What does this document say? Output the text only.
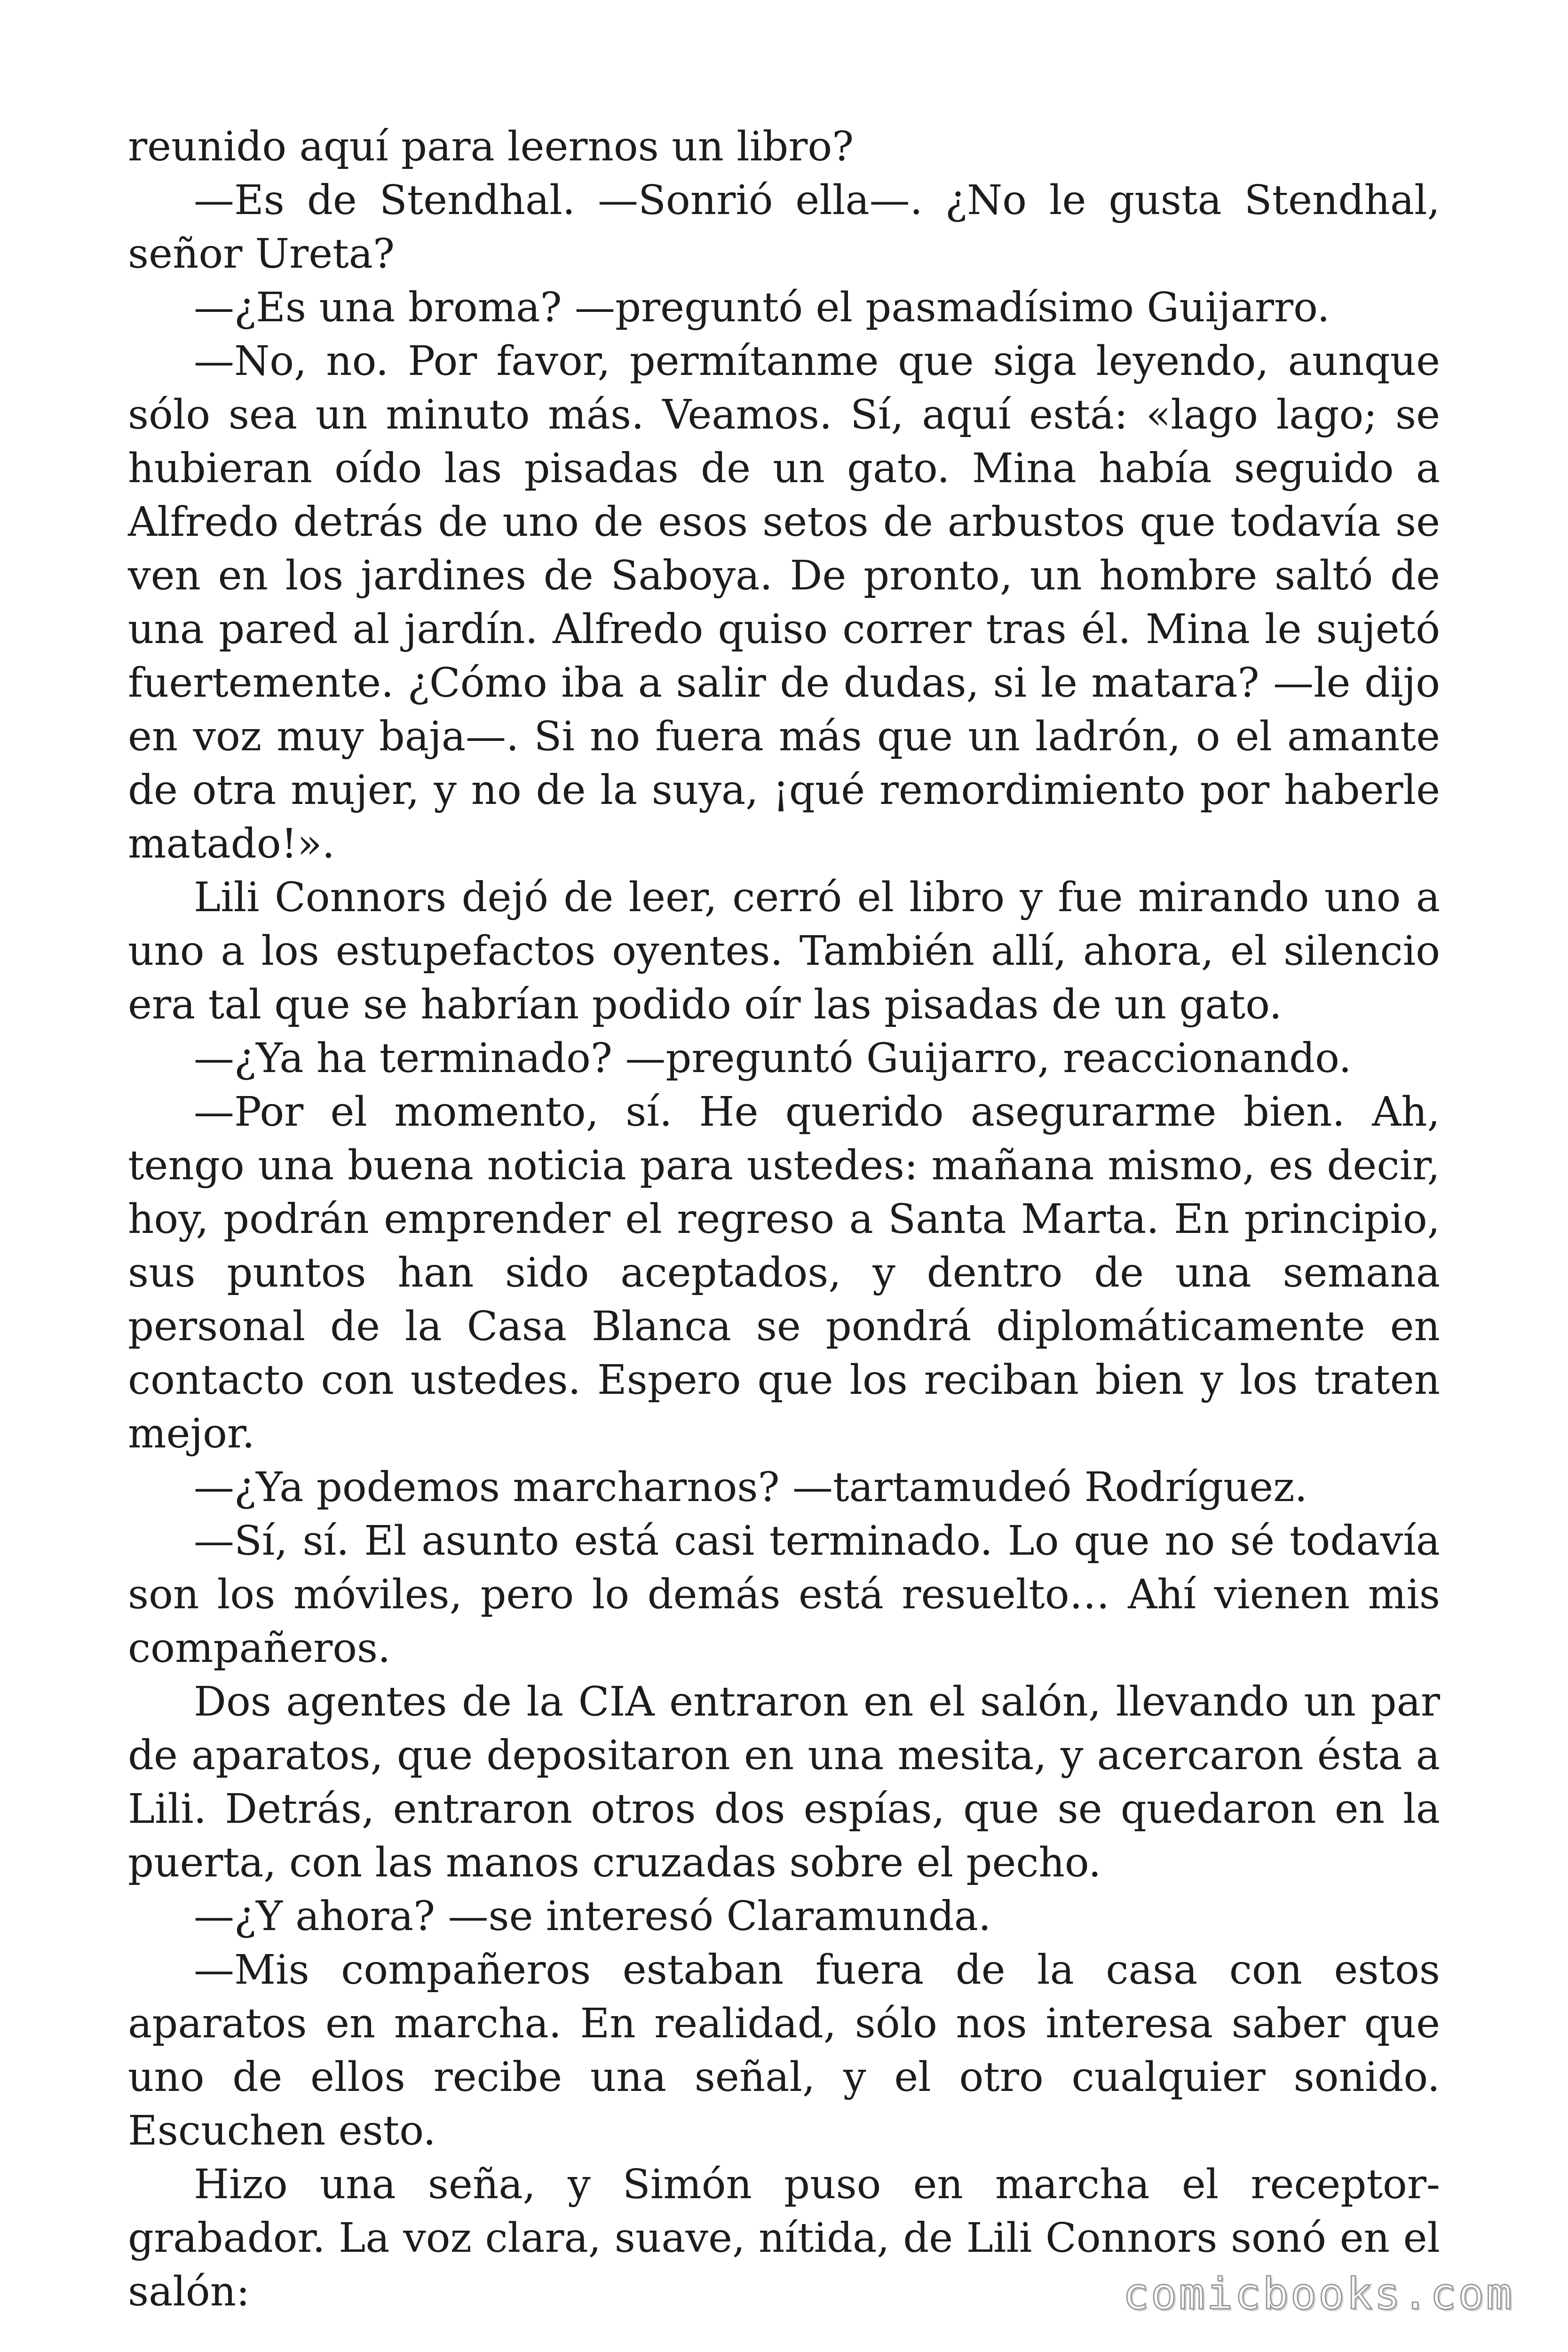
reunido aquí para leernos un libro?

—Es de Stendhal. —Sonrió ella—. ¿No le gusta Stendhal, señor Ureta?

—¿Es una broma? —preguntó el pasmadísimo Guijarro.

—No, no. Por favor, permítanme que siga leyendo, aunque sólo sea un minuto más. Veamos. Sí, aquí está: «lago lago; se hubieran oído las pisadas de un gato. Mina había seguido a Alfredo detrás de uno de esos setos de arbustos que todavía se ven en los jardines de Saboya. De pronto, un hombre saltó de una pared al jardín. Alfredo quiso correr tras él. Mina le sujetó fuertemente. ¿Cómo iba a salir de dudas, si le matara? —le dijo en voz muy baja—. Si no fuera más que un ladrón, o el amante de otra mujer, y no de la suya, ¡qué remordimiento por haberle matado!».

Lili Connors dejó de leer, cerró el libro y fue mirando uno a uno a los estupefactos oyentes. También allí, ahora, el silencio era tal que se habrían podido oír las pisadas de un gato.

—¿Ya ha terminado? —preguntó Guijarro, reaccionando.

—Por el momento, sí. He querido asegurarme bien. Ah, tengo una buena noticia para ustedes: mañana mismo, es decir, hoy, podrán emprender el regreso a Santa Marta. En principio, sus puntos han sido aceptados, y dentro de una semana personal de la Casa Blanca se pondrá diplomáticamente en contacto con ustedes. Espero que los reciban bien y los traten mejor.

—¿Ya podemos marcharnos? —tartamudeó Rodríguez.

—Sí, sí. El asunto está casi terminado. Lo que no sé todavía son los móviles, pero lo demás está resuelto… Ahí vienen mis compañeros.

Dos agentes de la CIA entraron en el salón, llevando un par de aparatos, que depositaron en una mesita, y acercaron ésta a Lili. Detrás, entraron otros dos espías, que se quedaron en la puerta, con las manos cruzadas sobre el pecho.

—¿Y ahora? —se interesó Claramunda.

—Mis compañeros estaban fuera de la casa con estos aparatos en marcha. En realidad, sólo nos interesa saber que uno de ellos recibe una señal, y el otro cualquier sonido. Escuchen esto.

Hizo una seña, y Simón puso en marcha el receptor-grabador. La voz clara, suave, nítida, de Lili Connors sonó en el salón:	comicbooks.com
